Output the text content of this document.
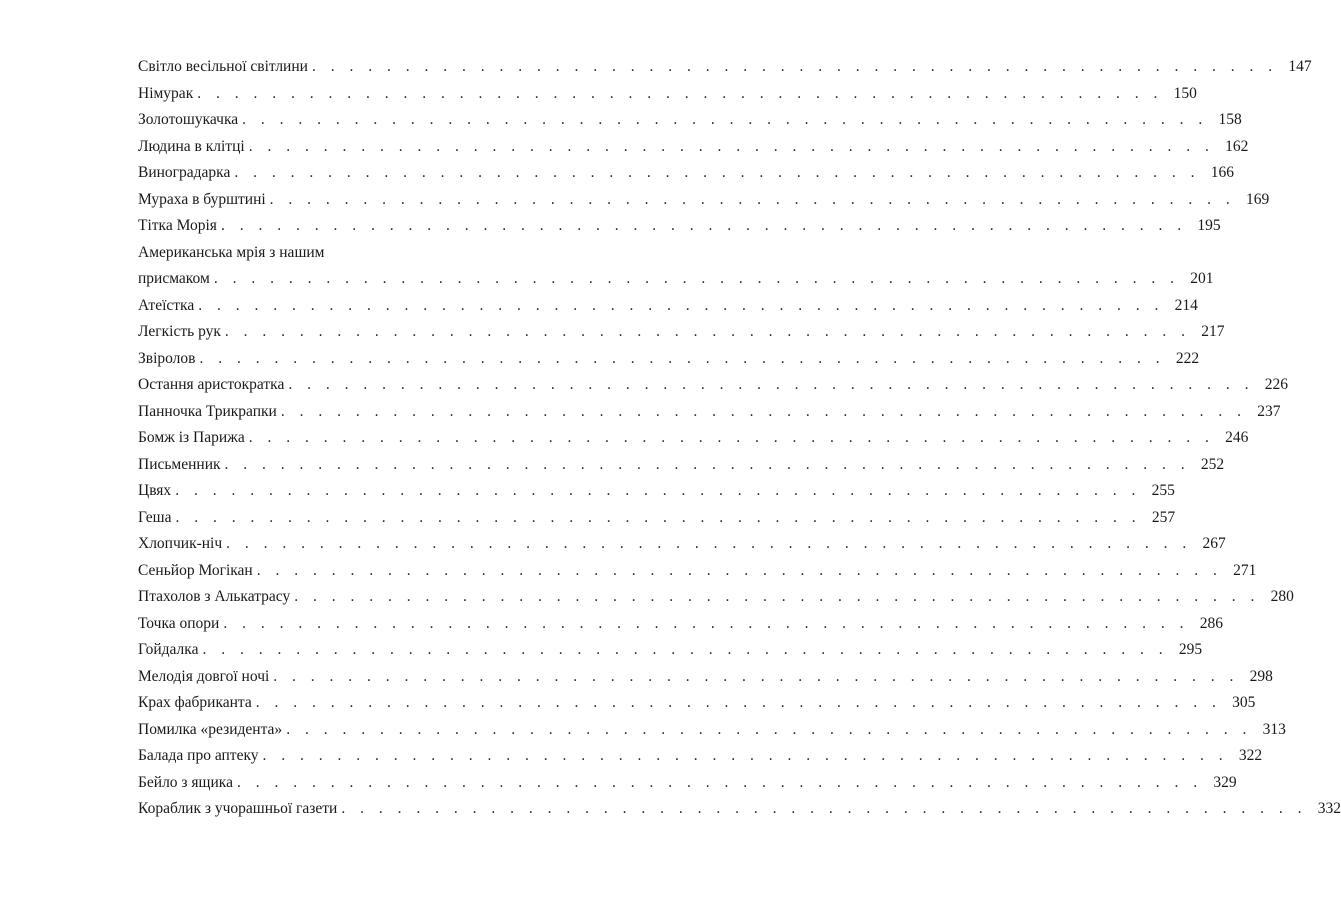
Світло весільної світлини . . . . . . . . . . . . . . . . . . . . . . . . . . . . . . . . . . . . . . . . . . . . . . . . . . . . 147
Німурак . . . . . . . . . . . . . . . . . . . . . . . . . . . . . . . . . . . . . . . . . . . . . . . . . . . . 150
Золотошукачка . . . . . . . . . . . . . . . . . . . . . . . . . . . . . . . . . . . . . . . . . . . . . . . . . . . . 158
Людина в клітці . . . . . . . . . . . . . . . . . . . . . . . . . . . . . . . . . . . . . . . . . . . . . . . . . . . . 162
Виноградарка . . . . . . . . . . . . . . . . . . . . . . . . . . . . . . . . . . . . . . . . . . . . . . . . . . . . 166
Мураха в бурштині . . . . . . . . . . . . . . . . . . . . . . . . . . . . . . . . . . . . . . . . . . . . . . . . . . . . 169
Тітка Морія . . . . . . . . . . . . . . . . . . . . . . . . . . . . . . . . . . . . . . . . . . . . . . . . . . . . 195
Американська мрія з нашим
присмаком . . . . . . . . . . . . . . . . . . . . . . . . . . . . . . . . . . . . . . . . . . . . . . . . . . . . 201
Атеїстка . . . . . . . . . . . . . . . . . . . . . . . . . . . . . . . . . . . . . . . . . . . . . . . . . . . . 214
Легкість рук . . . . . . . . . . . . . . . . . . . . . . . . . . . . . . . . . . . . . . . . . . . . . . . . . . . . 217
Звіролов . . . . . . . . . . . . . . . . . . . . . . . . . . . . . . . . . . . . . . . . . . . . . . . . . . . . 222
Остання аристократка . . . . . . . . . . . . . . . . . . . . . . . . . . . . . . . . . . . . . . . . . . . . . . . . . . . . 226
Панночка Трикрапки . . . . . . . . . . . . . . . . . . . . . . . . . . . . . . . . . . . . . . . . . . . . . . . . . . . . 237
Бомж із Парижа . . . . . . . . . . . . . . . . . . . . . . . . . . . . . . . . . . . . . . . . . . . . . . . . . . . . 246
Письменник . . . . . . . . . . . . . . . . . . . . . . . . . . . . . . . . . . . . . . . . . . . . . . . . . . . . 252
Цвях . . . . . . . . . . . . . . . . . . . . . . . . . . . . . . . . . . . . . . . . . . . . . . . . . . . . 255
Геша . . . . . . . . . . . . . . . . . . . . . . . . . . . . . . . . . . . . . . . . . . . . . . . . . . . . 257
Хлопчик-ніч . . . . . . . . . . . . . . . . . . . . . . . . . . . . . . . . . . . . . . . . . . . . . . . . . . . . 267
Сеньйор Могікан . . . . . . . . . . . . . . . . . . . . . . . . . . . . . . . . . . . . . . . . . . . . . . . . . . . . 271
Птахолов з Алькатрасу . . . . . . . . . . . . . . . . . . . . . . . . . . . . . . . . . . . . . . . . . . . . . . . . . . . . 280
Точка опори . . . . . . . . . . . . . . . . . . . . . . . . . . . . . . . . . . . . . . . . . . . . . . . . . . . . 286
Гойдалка . . . . . . . . . . . . . . . . . . . . . . . . . . . . . . . . . . . . . . . . . . . . . . . . . . . . 295
Мелодія довгої ночі . . . . . . . . . . . . . . . . . . . . . . . . . . . . . . . . . . . . . . . . . . . . . . . . . . . . 298
Крах фабриканта . . . . . . . . . . . . . . . . . . . . . . . . . . . . . . . . . . . . . . . . . . . . . . . . . . . . 305
Помилка «резидента» . . . . . . . . . . . . . . . . . . . . . . . . . . . . . . . . . . . . . . . . . . . . . . . . . . . . 313
Балада про аптеку . . . . . . . . . . . . . . . . . . . . . . . . . . . . . . . . . . . . . . . . . . . . . . . . . . . . 322
Бейло з ящика . . . . . . . . . . . . . . . . . . . . . . . . . . . . . . . . . . . . . . . . . . . . . . . . . . . . 329
Кораблик з учорашньої газети . . . . . . . . . . . . . . . . . . . . . . . . . . . . . . . . . . . . . . . . . . . . . . . . . . . . 332
